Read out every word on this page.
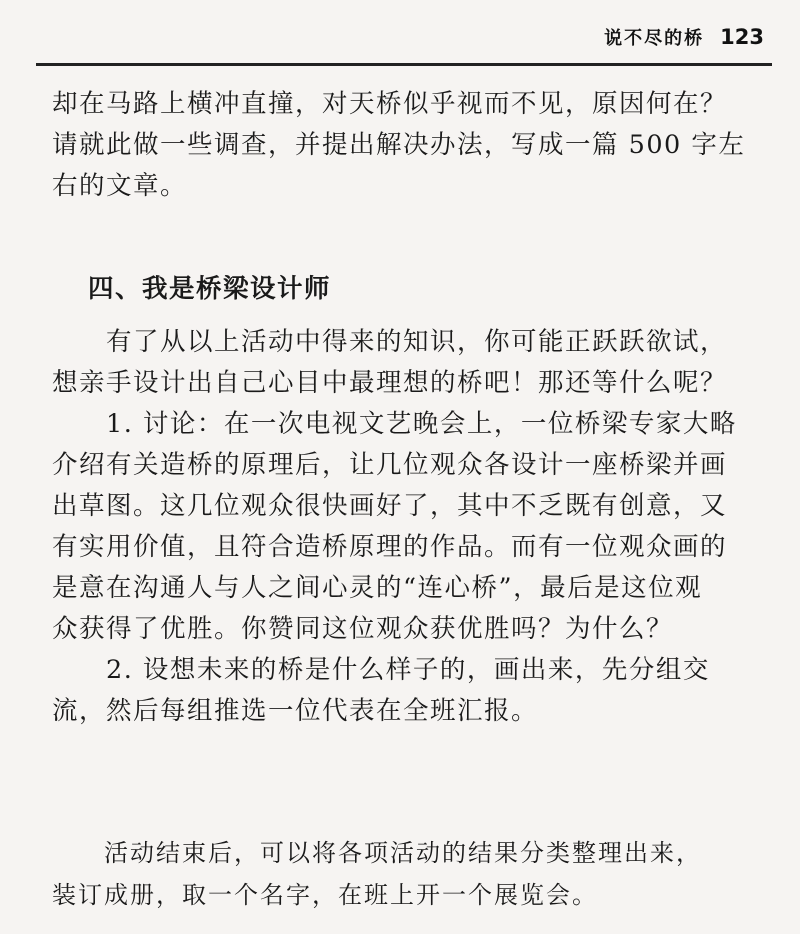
说不尽的桥 123
却在马路上横冲直撞，对天桥似乎视而不见，原因何在？
请就此做一些调查，并提出解决办法，写成一篇 500 字左
右的文章。
四、我是桥梁设计师
　　有了从以上活动中得来的知识，你可能正跃跃欲试，
想亲手设计出自己心目中最理想的桥吧！那还等什么呢？
　　1. 讨论：在一次电视文艺晚会上，一位桥梁专家大略
介绍有关造桥的原理后，让几位观众各设计一座桥梁并画
出草图。这几位观众很快画好了，其中不乏既有创意，又
有实用价值，且符合造桥原理的作品。而有一位观众画的
是意在沟通人与人之间心灵的“连心桥”，最后是这位观
众获得了优胜。你赞同这位观众获优胜吗？为什么？
　　2. 设想未来的桥是什么样子的，画出来，先分组交
流，然后每组推选一位代表在全班汇报。
　　活动结束后，可以将各项活动的结果分类整理出来，
装订成册，取一个名字，在班上开一个展览会。
